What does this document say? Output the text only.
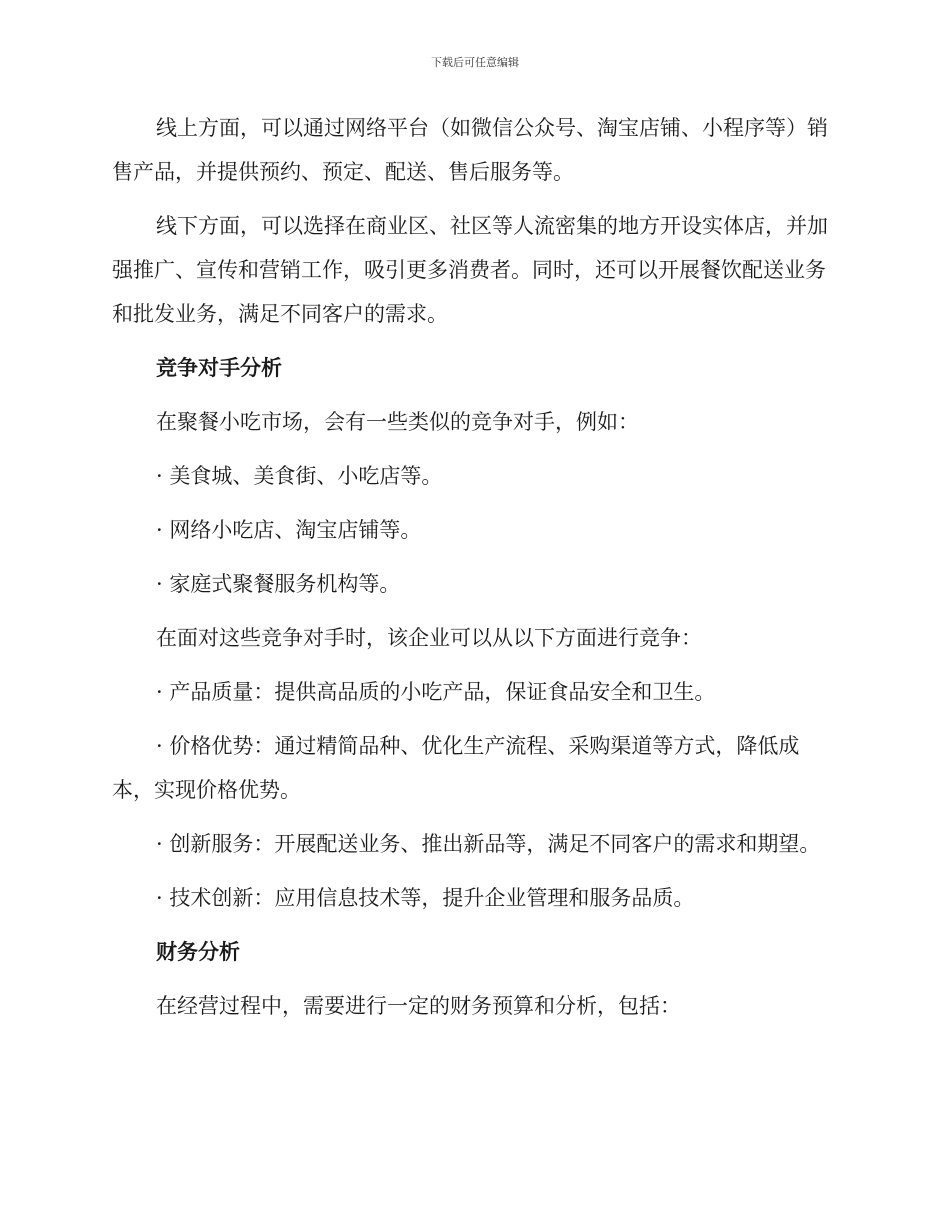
下载后可任意编辑
线上方面，可以通过网络平台（如微信公众号、淘宝店铺、小程序等）销售产品，并提供预约、预定、配送、售后服务等。
线下方面，可以选择在商业区、社区等人流密集的地方开设实体店，并加强推广、宣传和营销工作，吸引更多消费者。同时，还可以开展餐饮配送业务和批发业务，满足不同客户的需求。
竞争对手分析
在聚餐小吃市场，会有一些类似的竞争对手，例如：
· 美食城、美食街、小吃店等。
· 网络小吃店、淘宝店铺等。
· 家庭式聚餐服务机构等。
在面对这些竞争对手时，该企业可以从以下方面进行竞争：
· 产品质量：提供高品质的小吃产品，保证食品安全和卫生。
· 价格优势：通过精简品种、优化生产流程、采购渠道等方式，降低成本，实现价格优势。
· 创新服务：开展配送业务、推出新品等，满足不同客户的需求和期望。
· 技术创新：应用信息技术等，提升企业管理和服务品质。
财务分析
在经营过程中，需要进行一定的财务预算和分析，包括：
